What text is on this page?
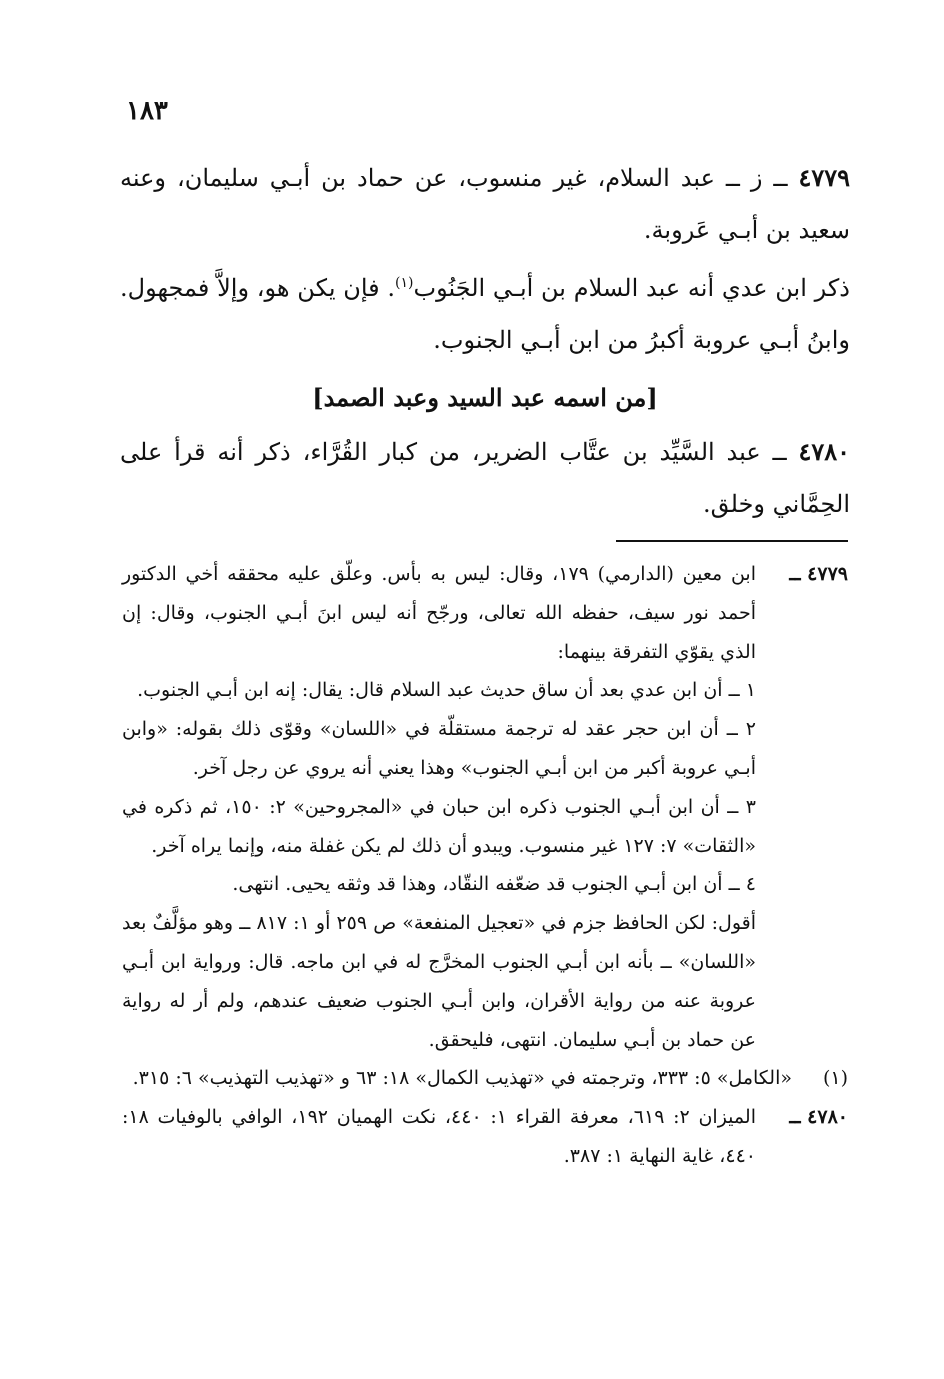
١٨٣

٤٧٧٩ ــ ز ــ عبد السلام، غير منسوب، عن حماد بن أبـي سليمان، وعنه سعيد بن أبـي عَروبة.

ذكر ابن عدي أنه عبد السلام بن أبـي الجَنُوب$^{(١)}$. فإن يكن هو، وإلاَّ فمجهول. وابنُ أبـي عروبة أكبرُ من ابن أبـي الجنوب.

[من اسمه عبد السيد وعبد الصمد]

٤٧٨٠ ــ عبد السَّيِّد بن عتَّاب الضرير، من كبار القُرَّاء، ذكر أنه قرأ على الحِمَّاني وخلق.

٤٧٧٩ ــ

ابن معين (الدارمي) ١٧٩، وقال: ليس به بأس. وعلّق عليه محققه أخي الدكتور أحمد نور سيف، حفظه الله تعالى، ورجّح أنه ليس ابنَ أبـي الجنوب، وقال: إن الذي يقوّي التفرقة بينهما:

١ ــ أن ابن عدي بعد أن ساق حديث عبد السلام قال: يقال: إنه ابن أبـي الجنوب.

٢ ــ أن ابن حجر عقد له ترجمة مستقلّة في «اللسان» وقوّى ذلك بقوله: «وابن أبـي عروبة أكبر من ابن أبـي الجنوب» وهذا يعني أنه يروي عن رجل آخر.

٣ ــ أن ابن أبـي الجنوب ذكره ابن حبان في «المجروحين» ٢: ١٥٠، ثم ذكره في «الثقات» ٧: ١٢٧ غير منسوب. ويبدو أن ذلك لم يكن غفلة منه، وإنما يراه آخر.

٤ ــ أن ابن أبـي الجنوب قد ضعّفه النقّاد، وهذا قد وثقه يحيى. انتهى.

أقول: لكن الحافظ جزم في «تعجيل المنفعة» ص ٢٥٩ أو ١: ٨١٧ ــ وهو مؤلَّفٌ بعد «اللسان» ــ بأنه ابن أبـي الجنوب المخرَّج له في ابن ماجه. قال: ورواية ابن أبـي عروبة عنه من رواية الأقران، وابن أبـي الجنوب ضعيف عندهم، ولم أر له رواية عن حماد بن أبـي سليمان. انتهى، فليحقق.

(١)
«الكامل» ٥: ٣٣٣، وترجمته في «تهذيب الكمال» ١٨: ٦٣ و «تهذيب التهذيب» ٦: ٣١٥.
٤٧٨٠ ــ
الميزان ٢: ٦١٩، معرفة القراء ١: ٤٤٠، نكت الهميان ١٩٢، الوافي بالوفيات ١٨: ٤٤٠، غاية النهاية ١: ٣٨٧.
